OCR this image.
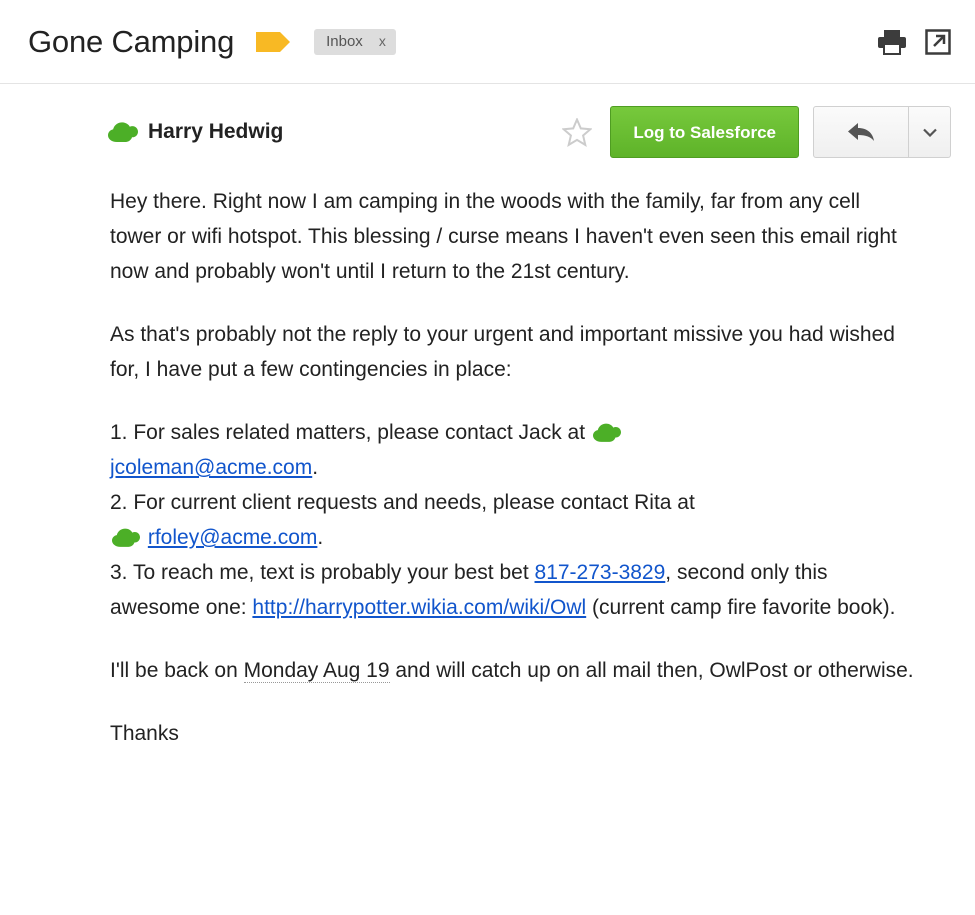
Gone Camping	Inbox x
Harry Hedwig	Log to Salesforce

Hey there. Right now I am camping in the woods with the family, far from any cell tower or wifi hotspot. This blessing / curse means I haven't even seen this email right now and probably won't until I return to the 21st century.

As that's probably not the reply to your urgent and important missive you had wished for, I have put a few contingencies in place:

1. For sales related matters, please contact Jack at
jcoleman@acme.com.
2. For current client requests and needs, please contact Rita at
rfoley@acme.com.
3. To reach me, text is probably your best bet 817-273-3829, second only this awesome one: http://harrypotter.wikia.com/wiki/Owl (current camp fire favorite book).

I'll be back on Monday Aug 19 and will catch up on all mail then, OwlPost or otherwise.

Thanks
